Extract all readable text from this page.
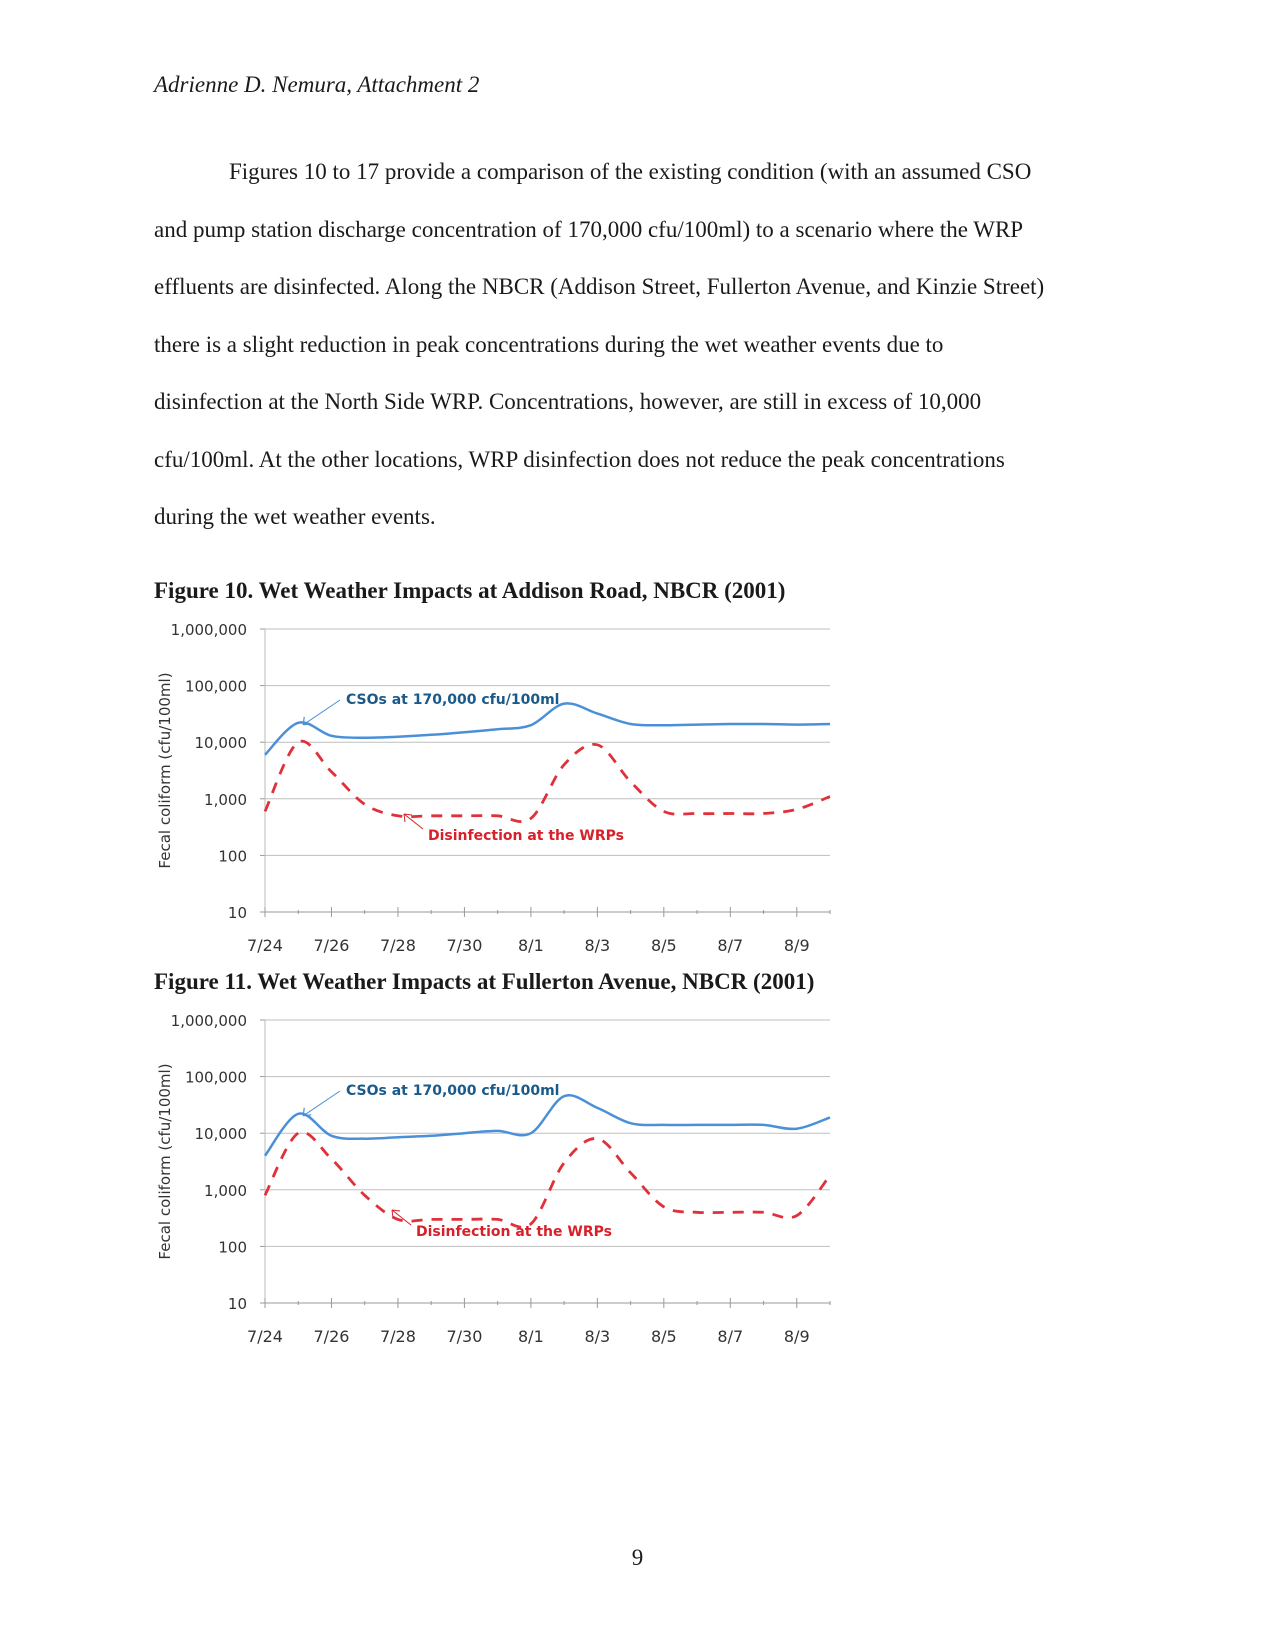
Adrienne D. Nemura, Attachment 2
Figures 10 to 17 provide a comparison of the existing condition (with an assumed CSO
and pump station discharge concentration of 170,000 cfu/100ml) to a scenario where the WRP
effluents are disinfected. Along the NBCR (Addison Street, Fullerton Avenue, and Kinzie Street)
there is a slight reduction in peak concentrations during the wet weather events due to
disinfection at the North Side WRP. Concentrations, however, are still in excess of 10,000
cfu/100ml. At the other locations, WRP disinfection does not reduce the peak concentrations
during the wet weather events.
Figure 10. Wet Weather Impacts at Addison Road, NBCR (2001)
10
100
1,000
10,000
100,000
1,000,000
7/24 7/26 7/28 7/30 8/1	8/3	8/5	8/7	8/9
Fecal coliform (cfu/100ml)	CSOs at 170,000 cfu/100ml
Disinfection at the WRPs
Figure 11. Wet Weather Impacts at Fullerton Avenue, NBCR (2001)
10
100
1,000
10,000
100,000
1,000,000
7/24 7/26 7/28 7/30 8/1	8/3	8/5	8/7	8/9
Fecal coliform (cfu/100ml)	CSOs at 170,000 cfu/100ml
Disinfection at the WRPs
9
